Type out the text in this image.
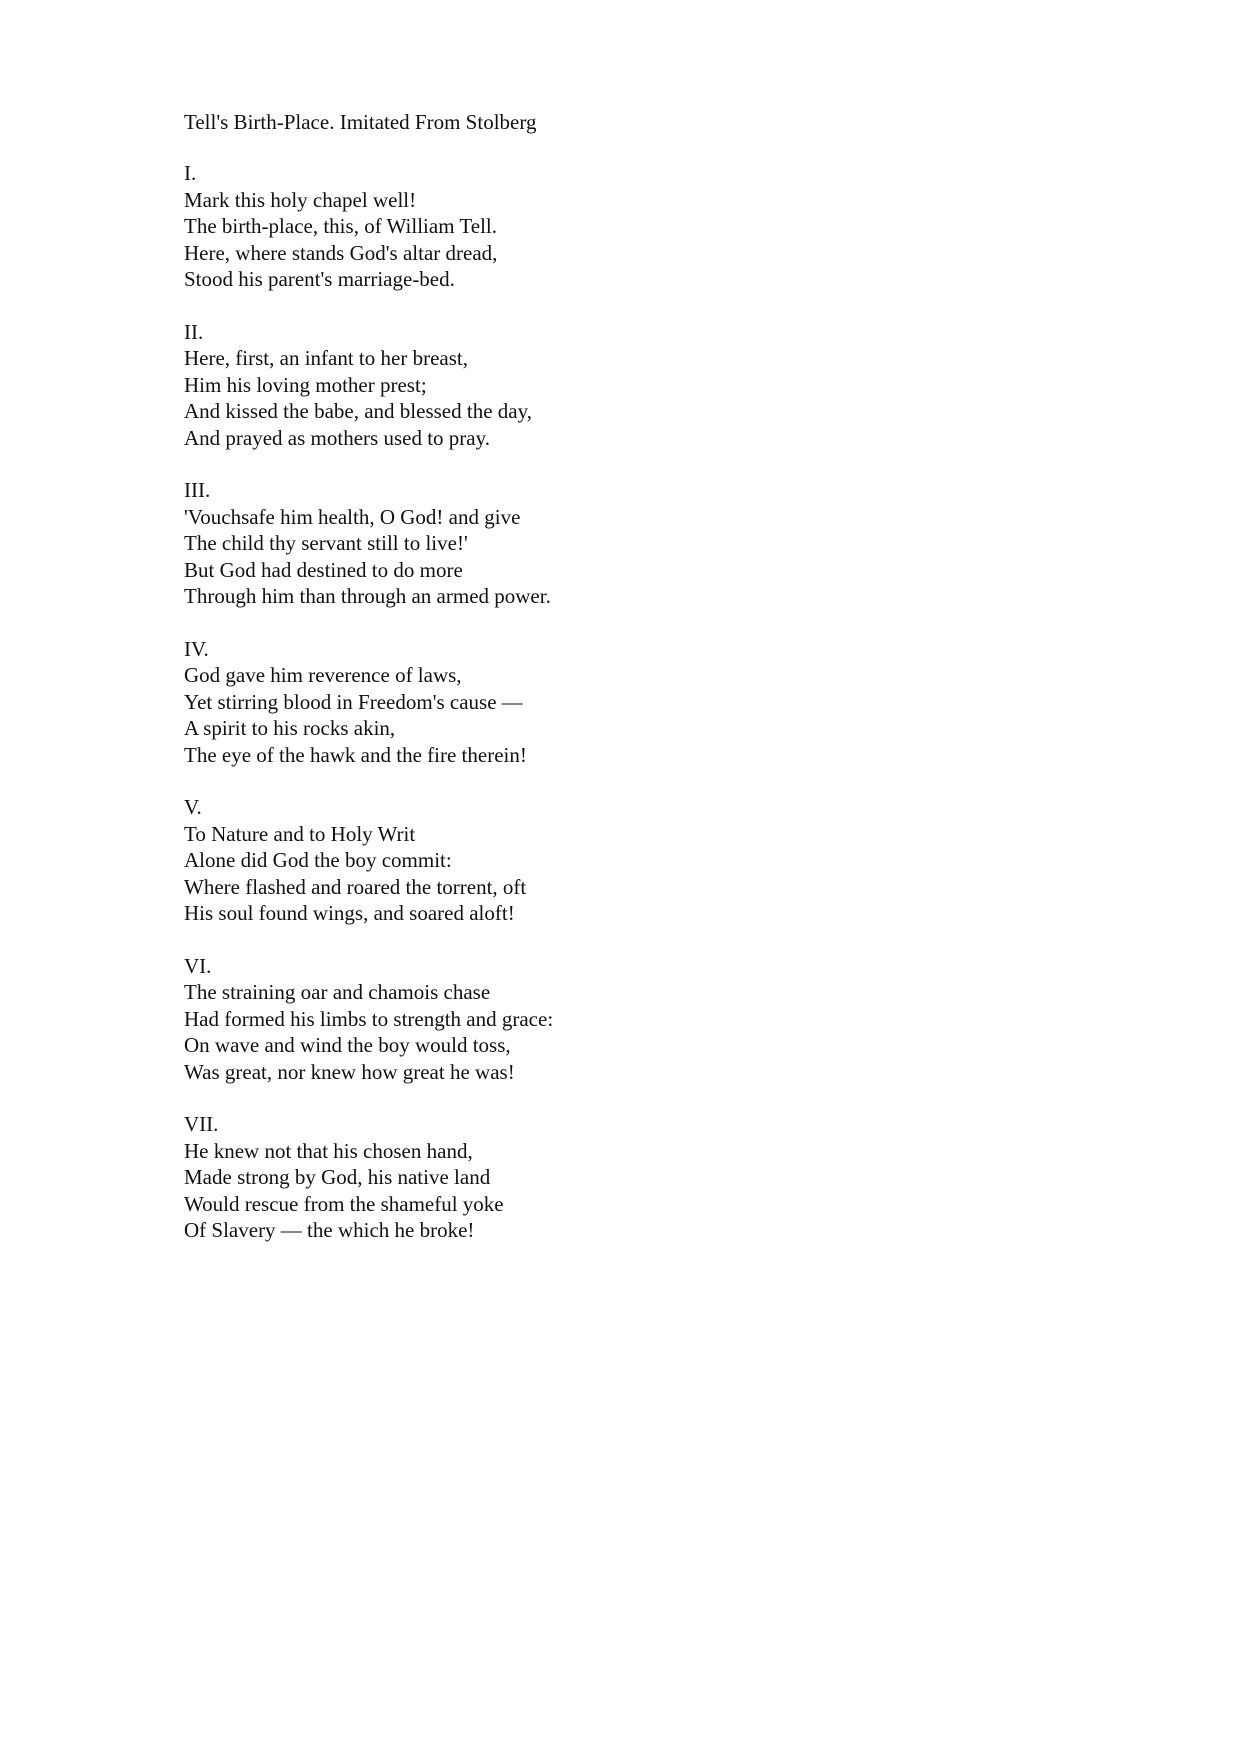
Tell's Birth-Place. Imitated From Stolberg
I.
Mark this holy chapel well!
The birth-place, this, of William Tell.
Here, where stands God's altar dread,
Stood his parent's marriage-bed.
II.
Here, first, an infant to her breast,
Him his loving mother prest;
And kissed the babe, and blessed the day,
And prayed as mothers used to pray.
III.
'Vouchsafe him health, O God! and give
The child thy servant still to live!'
But God had destined to do more
Through him than through an armed power.
IV.
God gave him reverence of laws,
Yet stirring blood in Freedom's cause —
A spirit to his rocks akin,
The eye of the hawk and the fire therein!
V.
To Nature and to Holy Writ
Alone did God the boy commit:
Where flashed and roared the torrent, oft
His soul found wings, and soared aloft!
VI.
The straining oar and chamois chase
Had formed his limbs to strength and grace:
On wave and wind the boy would toss,
Was great, nor knew how great he was!
VII.
He knew not that his chosen hand,
Made strong by God, his native land
Would rescue from the shameful yoke
Of Slavery — the which he broke!
